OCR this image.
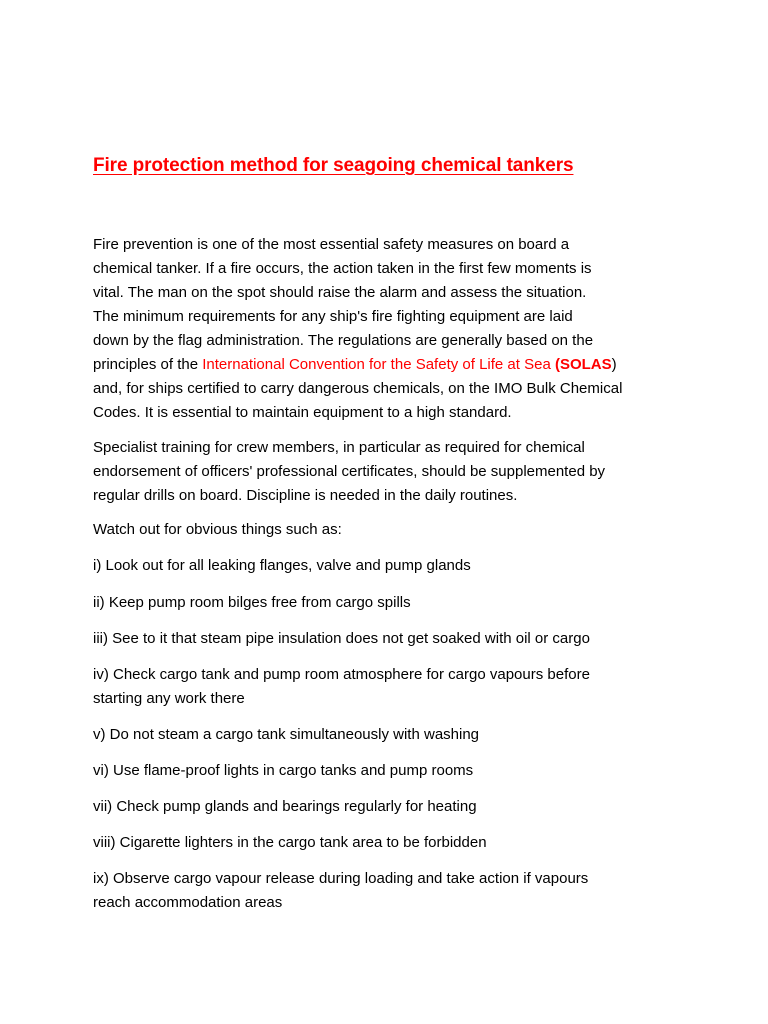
Fire protection method for seagoing chemical tankers

Fire prevention is one of the most essential safety measures on board a
chemical tanker. If a fire occurs, the action taken in the first few moments is
vital. The man on the spot should raise the alarm and assess the situation.
The minimum requirements for any ship's fire fighting equipment are laid
down by the flag administration. The regulations are generally based on the
principles of the International Convention for the Safety of Life at Sea (SOLAS)
and, for ships certified to carry dangerous chemicals, on the IMO Bulk Chemical
Codes. It is essential to maintain equipment to a high standard.

Specialist training for crew members, in particular as required for chemical
endorsement of officers' professional certificates, should be supplemented by
regular drills on board. Discipline is needed in the daily routines.

Watch out for obvious things such as:

i) Look out for all leaking flanges, valve and pump glands

ii) Keep pump room bilges free from cargo spills

iii) See to it that steam pipe insulation does not get soaked with oil or cargo

iv) Check cargo tank and pump room atmosphere for cargo vapours before
starting any work there

v) Do not steam a cargo tank simultaneously with washing

vi) Use flame-proof lights in cargo tanks and pump rooms

vii) Check pump glands and bearings regularly for heating

viii) Cigarette lighters in the cargo tank area to be forbidden

ix) Observe cargo vapour release during loading and take action if vapours
reach accommodation areas
